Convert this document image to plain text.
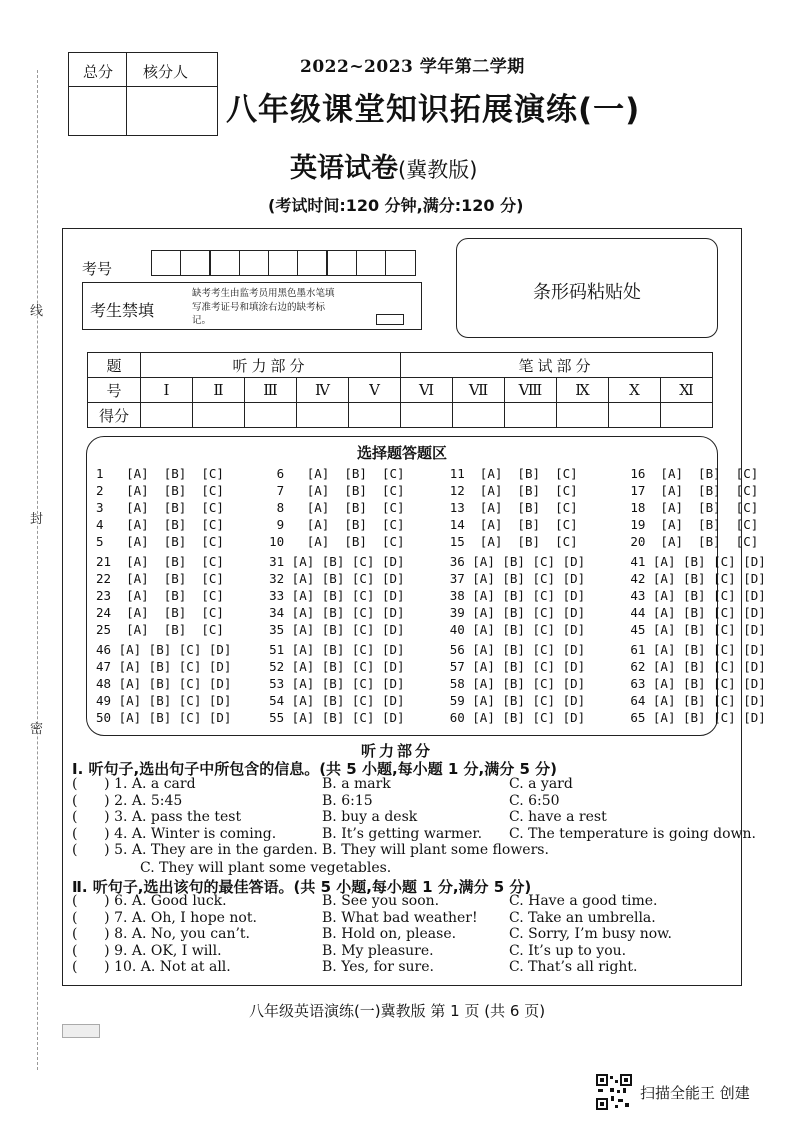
线
封
密
总分 核分人	2022~2023 学年第二学期
八年级课堂知识拓展演练(一)
英语试卷(冀教版)
(考试时间:120 分钟,满分:120 分)
考号
考生禁填
缺考考生由监考员用黑色墨水笔填写准考证号和填涂右边的缺考标记。
条形码粘贴处
题	听力部分					笔试部分					
号	Ⅰ	Ⅱ	Ⅲ	Ⅳ	Ⅴ	Ⅵ	Ⅶ	Ⅷ	Ⅸ	Ⅹ	Ⅺ
得分											
选择题答题区
1   [A]  [B]  [C]       6   [A]  [B]  [C]      11  [A]  [B]  [C]       16  [A]  [B]  [C]
2   [A]  [B]  [C]       7   [A]  [B]  [C]      12  [A]  [B]  [C]       17  [A]  [B]  [C]
3   [A]  [B]  [C]       8   [A]  [B]  [C]      13  [A]  [B]  [C]       18  [A]  [B]  [C]
4   [A]  [B]  [C]       9   [A]  [B]  [C]      14  [A]  [B]  [C]       19  [A]  [B]  [C]
5   [A]  [B]  [C]      10   [A]  [B]  [C]      15  [A]  [B]  [C]       20  [A]  [B]  [C]
21  [A]  [B]  [C]      31 [A] [B] [C] [D]      36 [A] [B] [C] [D]      41 [A] [B] [C] [D]
22  [A]  [B]  [C]      32 [A] [B] [C] [D]      37 [A] [B] [C] [D]      42 [A] [B] [C] [D]
23  [A]  [B]  [C]      33 [A] [B] [C] [D]      38 [A] [B] [C] [D]      43 [A] [B] [C] [D]
24  [A]  [B]  [C]      34 [A] [B] [C] [D]      39 [A] [B] [C] [D]      44 [A] [B] [C] [D]
25  [A]  [B]  [C]      35 [A] [B] [C] [D]      40 [A] [B] [C] [D]      45 [A] [B] [C] [D]
46 [A] [B] [C] [D]     51 [A] [B] [C] [D]      56 [A] [B] [C] [D]      61 [A] [B] [C] [D]
47 [A] [B] [C] [D]     52 [A] [B] [C] [D]      57 [A] [B] [C] [D]      62 [A] [B] [C] [D]
48 [A] [B] [C] [D]     53 [A] [B] [C] [D]      58 [A] [B] [C] [D]      63 [A] [B] [C] [D]
49 [A] [B] [C] [D]     54 [A] [B] [C] [D]      59 [A] [B] [C] [D]      64 [A] [B] [C] [D]
50 [A] [B] [C] [D]     55 [A] [B] [C] [D]      60 [A] [B] [C] [D]      65 [A] [B] [C] [D]
听力部分
Ⅰ. 听句子,选出句子中所包含的信息。(共 5 小题,每小题 1 分,满分 5 分)
(      ) 1. A. a card	B. a mark	C. a yard
(      ) 2. A. 5:45	B. 6:15	C. 6:50
(      ) 3. A. pass the test	B. buy a desk	C. have a rest
(      ) 4. A. Winter is coming.	B. It’s getting warmer. C. The temperature is going down.
(      ) 5. A. They are in the garden. B. They will plant some flowers.
C. They will plant some vegetables.
Ⅱ. 听句子,选出该句的最佳答语。(共 5 小题,每小题 1 分,满分 5 分)
(      ) 6. A. Good luck.	B. See you soon.	C. Have a good time.
(      ) 7. A. Oh, I hope not.	B. What bad weather! C. Take an umbrella.
(      ) 8. A. No, you can’t.	B. Hold on, please.	C. Sorry, I’m busy now.
(      ) 9. A. OK, I will.	B. My pleasure.	C. It’s up to you.
(      ) 10. A. Not at all.	B. Yes, for sure.	C. That’s all right.
八年级英语演练(一)冀教版 第 1 页 (共 6 页)
扫描全能王 创建
